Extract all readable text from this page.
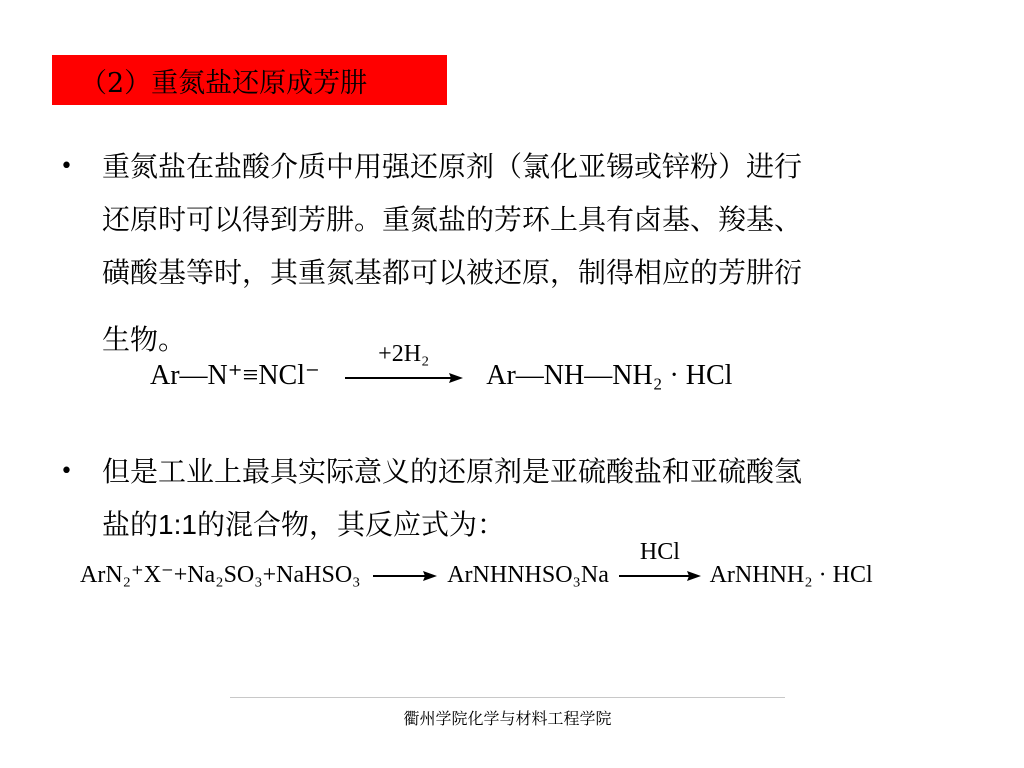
（2）重氮盐还原成芳肼
•	重氮盐在盐酸介质中用强还原剂（氯化亚锡或锌粉）进行
还原时可以得到芳肼。重氮盐的芳环上具有卤基、羧基、
磺酸基等时，其重氮基都可以被还原，制得相应的芳肼衍
生物。
Ar—N⁺≡NCl⁻
+2H₂
Ar—NH—NH₂ · HCl
•	但是工业上最具实际意义的还原剂是亚硫酸盐和亚硫酸氢
盐的1:1的混合物，其反应式为：
ArN₂⁺X⁻+Na₂SO₃+NaHSO₃	ArNHNHSO₃Na
HCl
ArNHNH₂ · HCl
衢州学院化学与材料工程学院
